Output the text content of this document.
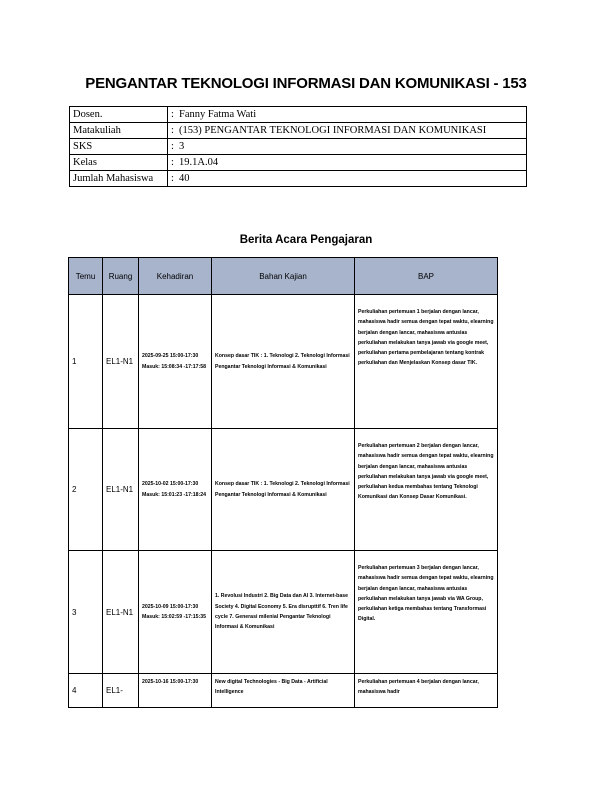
PENGANTAR TEKNOLOGI INFORMASI DAN KOMUNIKASI - 153
Dosen.	: Fanny Fatma Wati
Matakuliah	: (153) PENGANTAR TEKNOLOGI INFORMASI DAN KOMUNIKASI
SKS	: 3
Kelas	: 19.1A.04
Jumlah Mahasiswa	: 40
Berita Acara Pengajaran
Temu	Ruang	Kehadiran	Bahan Kajian	BAP
1	EL1-N1	2025-09-25 15:00-17:30 Masuk: 15:08:34 -17:17:58	Konsep dasar TIK : 1. Teknologi 2. Teknologi Informasi Pengantar Teknologi Informasi & Komunikasi	Perkuliahan pertemuan 1 berjalan dengan lancar, mahasiswa hadir semua dengan tepat waktu, elearning berjalan dengan lancar, mahasiswa antusias perkuliahan melakukan tanya jawab via google meet, perkuliahan pertama pembelajaran tentang kontrak perkuliahan dan Menjelaskan Konsep dasar TIK.
2	EL1-N1	2025-10-02 15:00-17:30 Masuk: 15:01:23 -17:18:24	Konsep dasar TIK : 1. Teknologi 2. Teknologi Informasi Pengantar Teknologi Informasi & Komunikasi	Perkuliahan pertemuan 2 berjalan dengan lancar, mahasiswa hadir semua dengan tepat waktu, elearning berjalan dengan lancar, mahasiswa antusias perkuliahan melakukan tanya jawab via google meet, perkuliahan kedua membahas tentang Teknologi Komunikasi dan Konsep Dasar Komunikasi.
3	EL1-N1	2025-10-09 15:00-17:30 Masuk: 15:02:59 -17:15:35	1. Revolusi Industri 2. Big Data dan AI 3. Internet-base Society 4. Digital Economy 5. Era disrupttif 6. Tren life cycle 7. Generasi milenial Pengantar Teknologi Informasi & Komunikasi	Perkuliahan pertemuan 3 berjalan dengan lancar, mahasiswa hadir semua dengan tepat waktu, elearning berjalan dengan lancar, mahasiswa antusias perkuliahan melakukan tanya jawab via WA Group, perkuliahan ketiga membahas tentang Transformasi Digital.
4	EL1-	2025-10-16 15:00-17:30	New digital Technologies - Big Data - Artificial Intelligence	Perkuliahan pertemuan 4 berjalan dengan lancar, mahasiswa hadir
